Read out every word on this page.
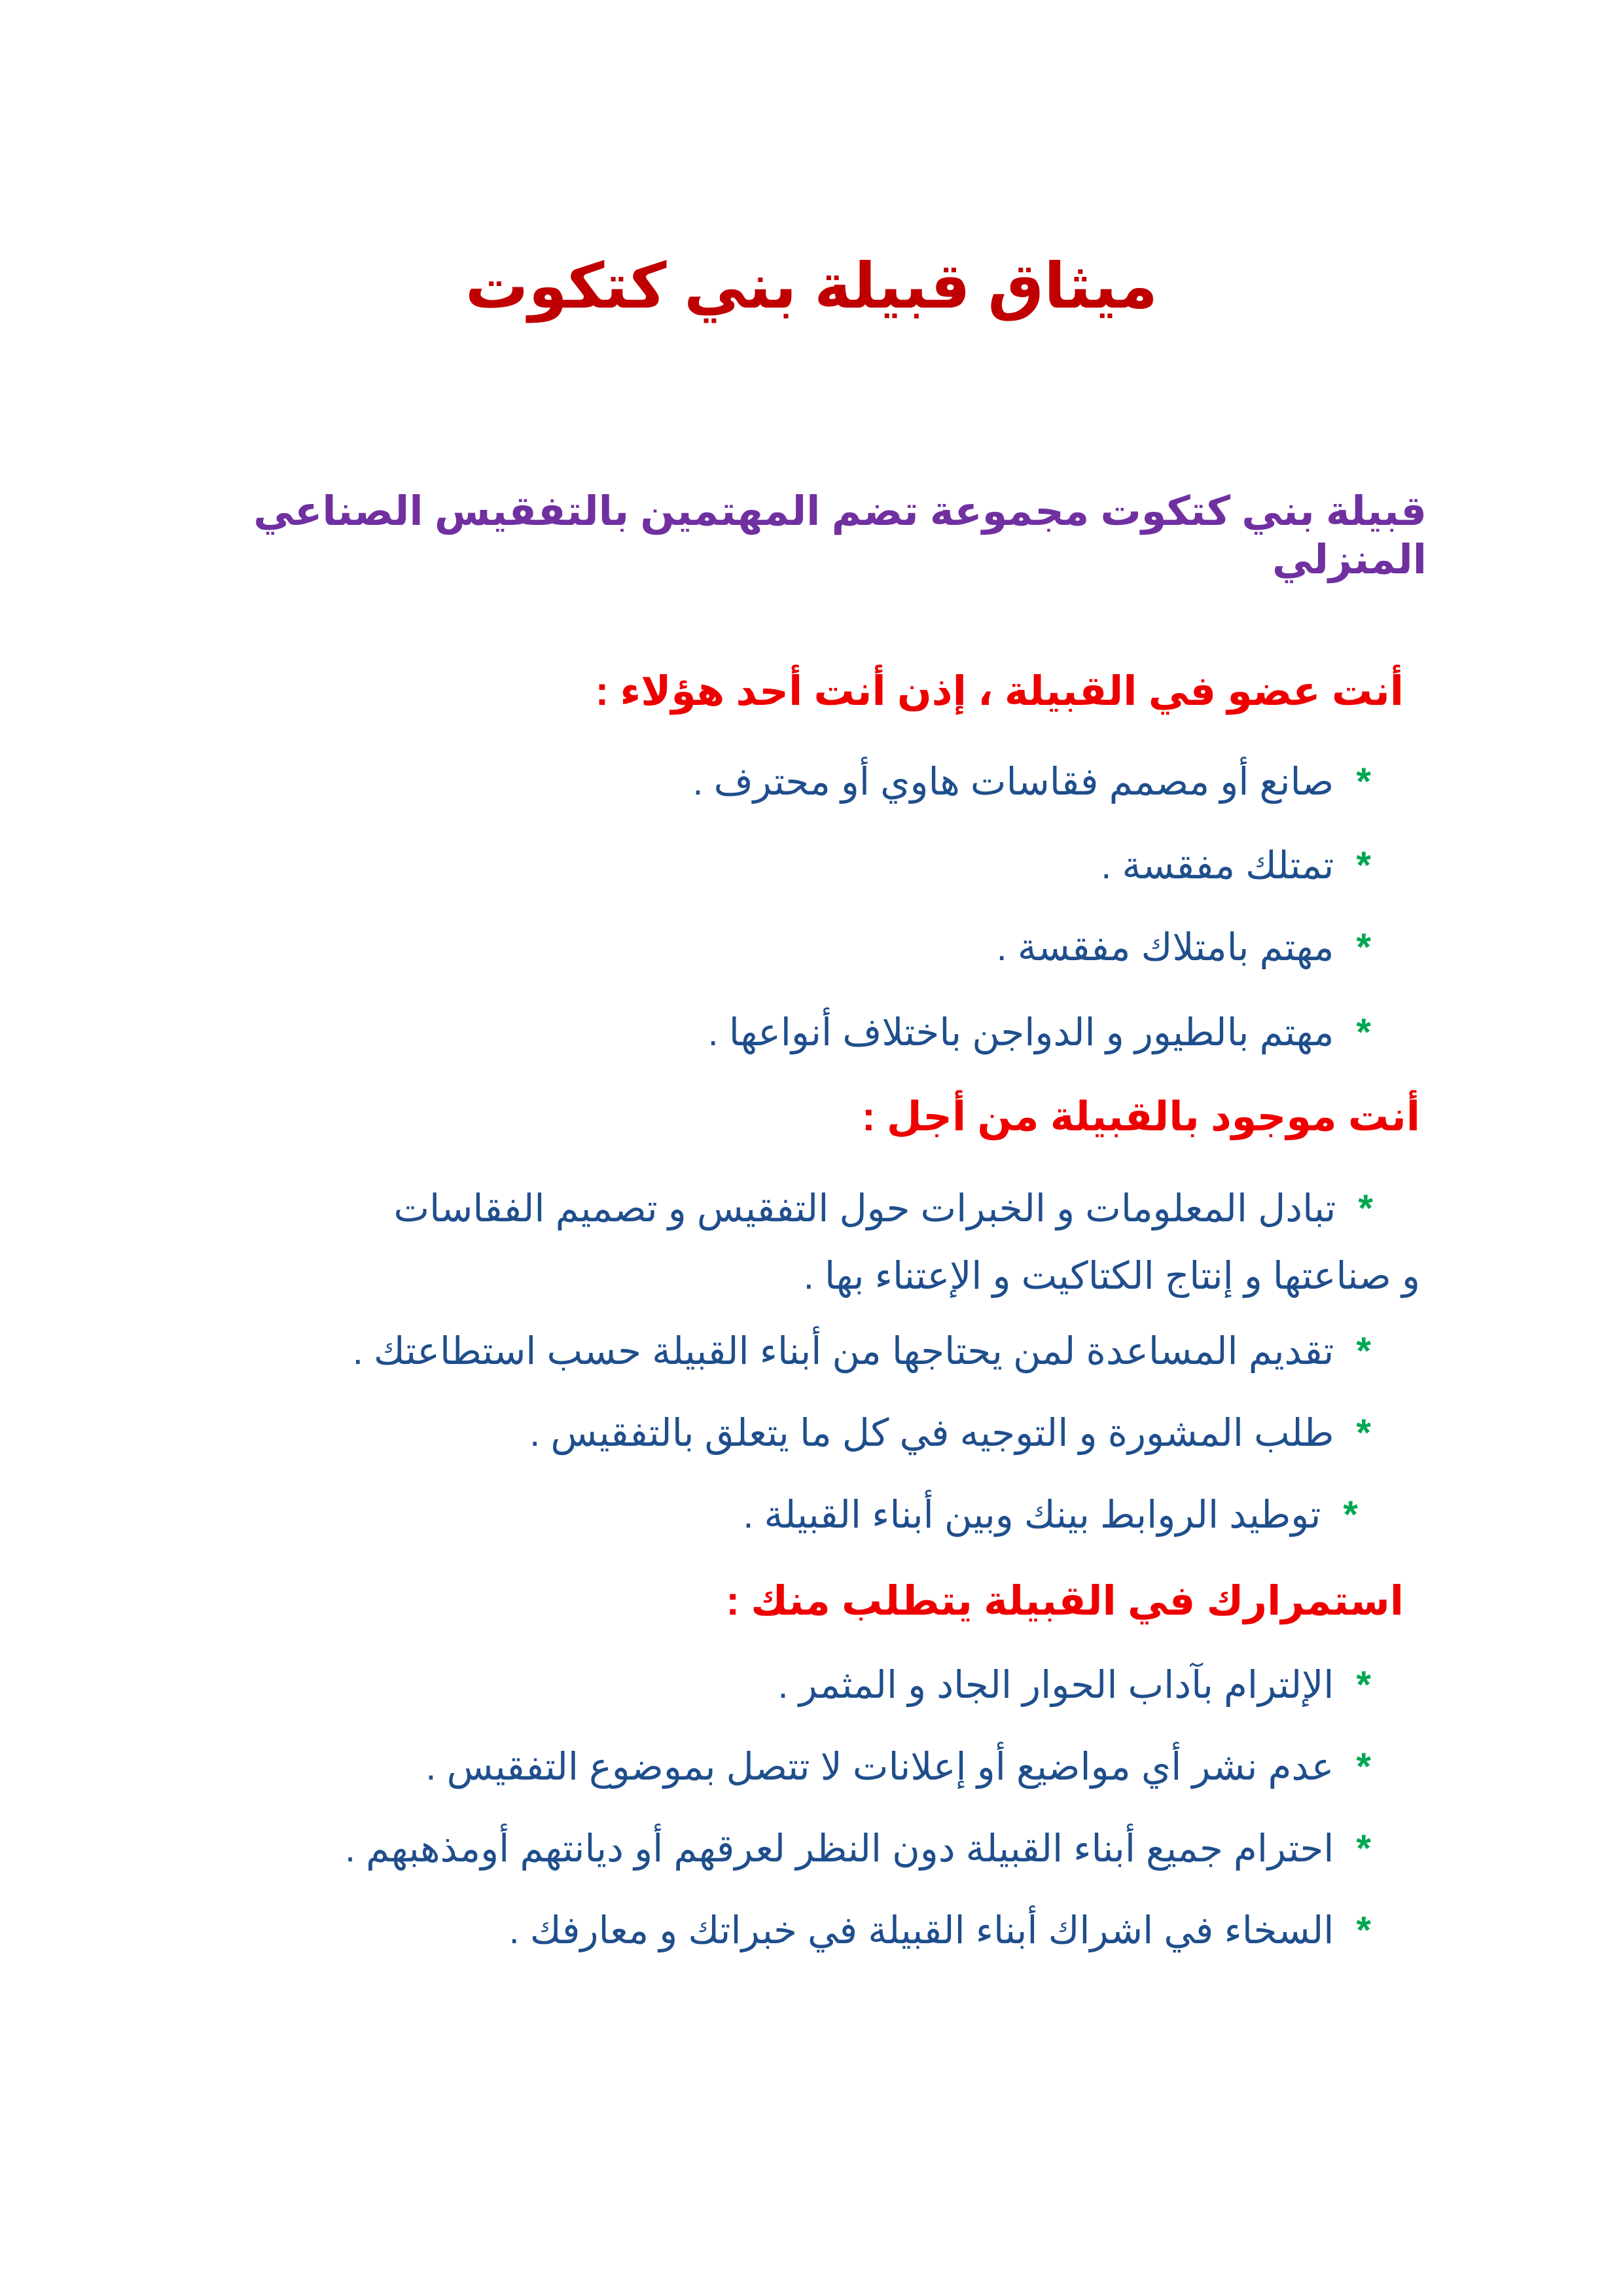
ميثاق قبيلة بني كتكوت
قبيلة بني كتكوت مجموعة تضم المهتمين بالتفقيس الصناعي المنزلي
أنت عضو في القبيلة ، إذن أنت أحد هؤلاء :

*صانع أو مصمم فقاسات هاوي أو محترف .

*تمتلك مفقسة .

*مهتم بامتلاك مفقسة .

*مهتم بالطيور و الدواجن باختلاف أنواعها .

أنت موجود بالقبيلة من أجل :

*تبادل المعلومات و الخبرات حول التفقيس و تصميم الفقاسات و صناعتها و إنتاج الكتاكيت و الإعتناء بها .

*تقديم المساعدة لمن يحتاجها من أبناء القبيلة حسب استطاعتك .

*طلب المشورة و التوجيه في كل ما يتعلق بالتفقيس .

*توطيد الروابط بينك وبين أبناء القبيلة .

استمرارك في القبيلة يتطلب منك :

*الإلترام بآداب الحوار الجاد و المثمر .

*عدم نشر أي مواضيع أو إعلانات لا تتصل بموضوع التفقيس .

*احترام جميع أبناء القبيلة دون النظر لعرقهم أو ديانتهم أومذهبهم .

*السخاء في اشراك أبناء القبيلة في خبراتك و معارفك .
